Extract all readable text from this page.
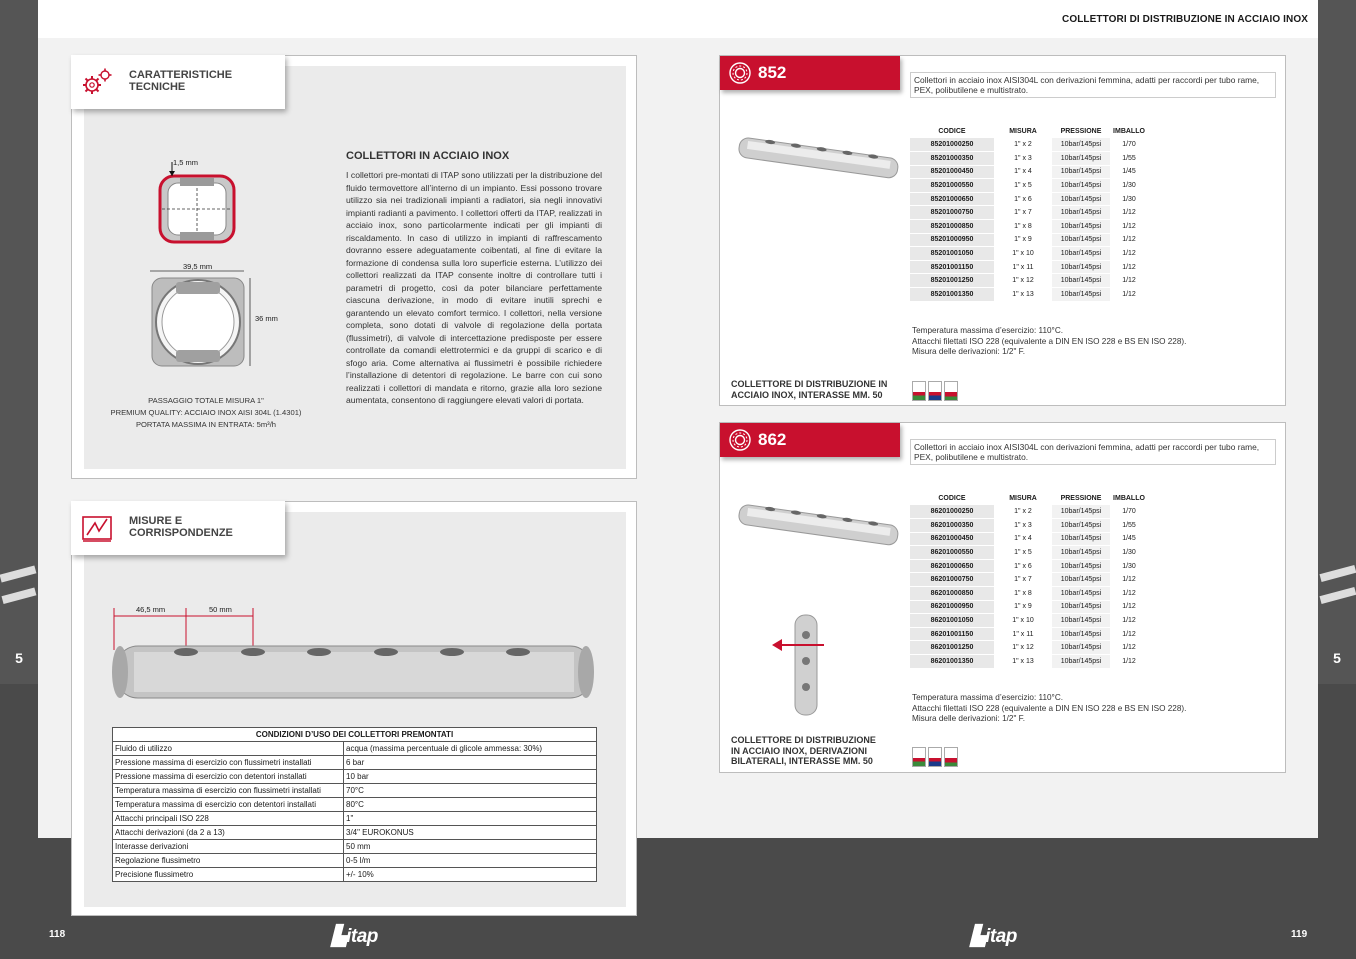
5	5
COLLETTORI DI DISTRIBUZIONE IN ACCIAIO INOX
CARATTERISTICHE
TECNICHE
1,5 mm
39,5 mm
36 mm
PASSAGGIO TOTALE MISURA 1"
PREMIUM QUALITY: ACCIAIO INOX AISI 304L (1.4301)
PORTATA MASSIMA IN ENTRATA: 5m³/h
COLLETTORI IN ACCIAIO INOX
I collettori pre-montati di ITAP sono utilizzati per la distribuzione del fluido termovettore all’interno di un impianto. Essi possono trovare utilizzo sia nei tradizionali impianti a radiatori, sia negli innovativi impianti radianti a pavimento. I collettori offerti da ITAP, realizzati in acciaio inox, sono particolarmente indicati per gli impianti di riscaldamento. In caso di utilizzo in impianti di raffrescamento dovranno essere adeguatamente coibentati, al fine di evitare la formazione di condensa sulla loro superficie esterna. L’utilizzo dei collettori realizzati da ITAP consente inoltre di controllare tutti i parametri di progetto, così da poter bilanciare perfettamente ciascuna derivazione, in modo di evitare inutili sprechi e garantendo un elevato comfort termico. I collettori, nella versione completa, sono dotati di valvole di regolazione della portata (flussimetri), di valvole di intercettazione predisposte per essere controllate da comandi elettrotermici e da gruppi di scarico e di sfogo aria. Come alternativa ai flussimetri è possibile richiedere l’installazione di detentori di regolazione. Le barre con cui sono realizzati i collettori di mandata e ritorno, grazie alla loro sezione aumentata, consentono di raggiungere elevati valori di portata.
MISURE E
CORRISPONDENZE
46,5 mm	50 mm
CONDIZIONI D’USO DEI COLLETTORI PREMONTATI	
Fluido di utilizzo	acqua (massima percentuale di glicole ammessa: 30%)
Pressione massima di esercizio con flussimetri installati	6 bar
Pressione massima di esercizio con detentori installati	10 bar
Temperatura massima di esercizio con flussimetri installati	70°C
Temperatura massima di esercizio con detentori installati	80°C
Attacchi principali ISO 228	1"
Attacchi derivazioni (da 2 a 13)	3/4" EUROKONUS
Interasse derivazioni	50 mm
Regolazione flussimetro	0-5 l/m
Precisione flussimetro	+/- 10%
118	▙itap	▙itap	119
852	Collettori in acciaio inox AISI304L con derivazioni femmina, adatti per raccordi per tubo rame, PEX, polibutilene e multistrato.
CODICE	MISURA	PRESSIONE	IMBALLO
85201000250	1" x 2	10bar/145psi	1/70
85201000350	1" x 3	10bar/145psi	1/55
85201000450	1" x 4	10bar/145psi	1/45
85201000550	1" x 5	10bar/145psi	1/30
85201000650	1" x 6	10bar/145psi	1/30
85201000750	1" x 7	10bar/145psi	1/12
85201000850	1" x 8	10bar/145psi	1/12
85201000950	1" x 9	10bar/145psi	1/12
85201001050	1" x 10	10bar/145psi	1/12
85201001150	1" x 11	10bar/145psi	1/12
85201001250	1" x 12	10bar/145psi	1/12
85201001350	1" x 13	10bar/145psi	1/12
Temperatura massima d’esercizio: 110°C.
Attacchi filettati ISO 228 (equivalente a DIN EN ISO 228 e BS EN ISO 228).
Misura delle derivazioni: 1/2" F.
COLLETTORE DI DISTRIBUZIONE IN
ACCIAIO INOX, INTERASSE MM. 50
862	Collettori in acciaio inox AISI304L con derivazioni femmina, adatti per raccordi per tubo rame, PEX, polibutilene e multistrato.
CODICE	MISURA	PRESSIONE	IMBALLO
86201000250	1" x 2	10bar/145psi	1/70
86201000350	1" x 3	10bar/145psi	1/55
86201000450	1" x 4	10bar/145psi	1/45
86201000550	1" x 5	10bar/145psi	1/30
86201000650	1" x 6	10bar/145psi	1/30
86201000750	1" x 7	10bar/145psi	1/12
86201000850	1" x 8	10bar/145psi	1/12
86201000950	1" x 9	10bar/145psi	1/12
86201001050	1" x 10	10bar/145psi	1/12
86201001150	1" x 11	10bar/145psi	1/12
86201001250	1" x 12	10bar/145psi	1/12
86201001350	1" x 13	10bar/145psi	1/12
Temperatura massima d’esercizio: 110°C.
Attacchi filettati ISO 228 (equivalente a DIN EN ISO 228 e BS EN ISO 228).
Misura delle derivazioni: 1/2" F.
COLLETTORE DI DISTRIBUZIONE
IN ACCIAIO INOX, DERIVAZIONI
BILATERALI, INTERASSE MM. 50
